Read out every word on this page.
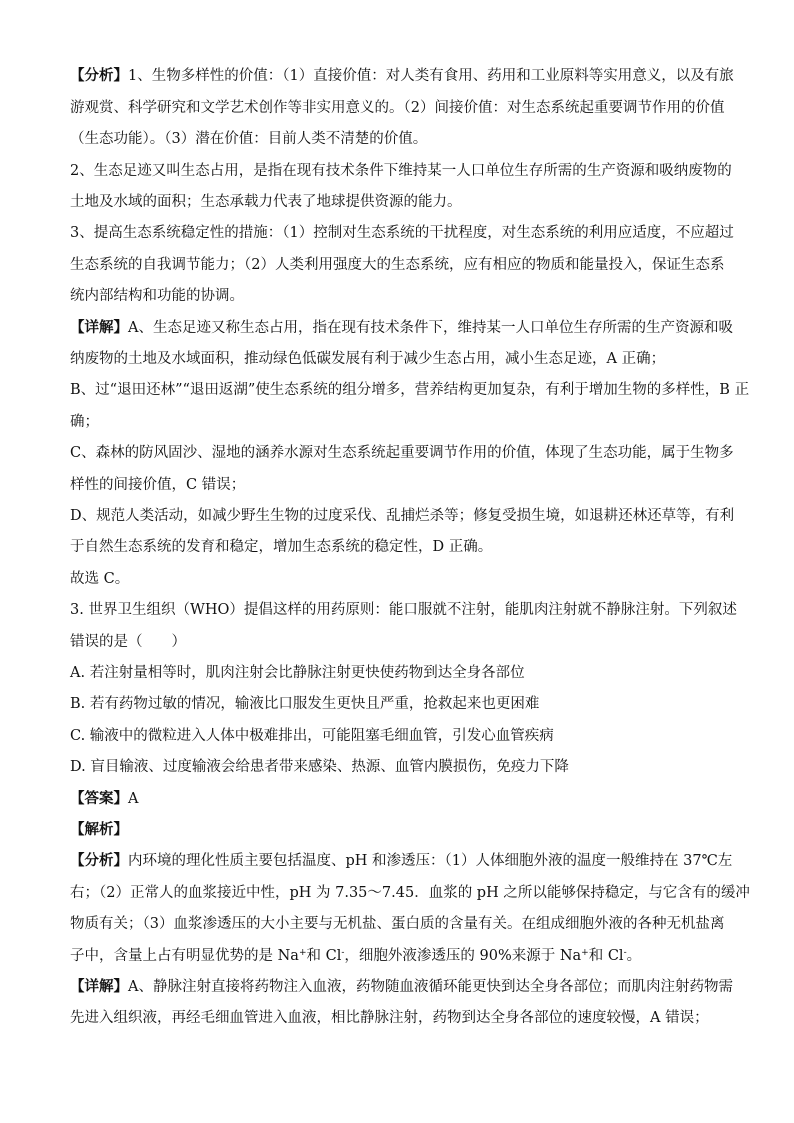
【分析】1、生物多样性的价值：（1）直接价值：对人类有食用、药用和工业原料等实用意义，以及有旅
游观赏、科学研究和文学艺术创作等非实用意义的。（2）间接价值：对生态系统起重要调节作用的价值
（生态功能）。（3）潜在价值：目前人类不清楚的价值。
2、生态足迹又叫生态占用，是指在现有技术条件下维持某一人口单位生存所需的生产资源和吸纳废物的
土地及水域的面积；生态承载力代表了地球提供资源的能力。
3、提高生态系统稳定性的措施：（1）控制对生态系统的干扰程度，对生态系统的利用应适度，不应超过
生态系统的自我调节能力；（2）人类利用强度大的生态系统，应有相应的物质和能量投入，保证生态系
统内部结构和功能的协调。
【详解】A、生态足迹又称生态占用，指在现有技术条件下，维持某一人口单位生存所需的生产资源和吸
纳废物的土地及水域面积，推动绿色低碳发展有利于减少生态占用，减小生态足迹，A 正确；
B、过“退田还林”“退田返湖”使生态系统的组分增多，营养结构更加复杂，有利于增加生物的多样性，B 正
确；
C、森林的防风固沙、湿地的涵养水源对生态系统起重要调节作用的价值，体现了生态功能，属于生物多
样性的间接价值，C 错误；
D、规范人类活动，如减少野生生物的过度采伐、乱捕烂杀等；修复受损生境，如退耕还林还草等，有利
于自然生态系统的发育和稳定，增加生态系统的稳定性，D 正确。
故选 C。
3. 世界卫生组织（WHO）提倡这样的用药原则：能口服就不注射，能肌肉注射就不静脉注射。下列叙述
错误的是（　　）
A. 若注射量相等时，肌肉注射会比静脉注射更快使药物到达全身各部位
B. 若有药物过敏的情况，输液比口服发生更快且严重，抢救起来也更困难
C. 输液中的微粒进入人体中极难排出，可能阻塞毛细血管，引发心血管疾病
D. 盲目输液、过度输液会给患者带来感染、热源、血管内膜损伤，免疫力下降
【答案】A
【解析】
【分析】内环境的理化性质主要包括温度、pH 和渗透压：（1）人体细胞外液的温度一般维持在 37℃左
右；（2）正常人的血浆接近中性，pH 为 7.35～7.45．血浆的 pH 之所以能够保持稳定，与它含有的缓冲
物质有关；（3）血浆渗透压的大小主要与无机盐、蛋白质的含量有关。在组成细胞外液的各种无机盐离
子中，含量上占有明显优势的是 Na+和 Cl-，细胞外液渗透压的 90%来源于 Na+和 Cl-。
【详解】A、静脉注射直接将药物注入血液，药物随血液循环能更快到达全身各部位；而肌肉注射药物需
先进入组织液，再经毛细血管进入血液，相比静脉注射，药物到达全身各部位的速度较慢，A 错误；
